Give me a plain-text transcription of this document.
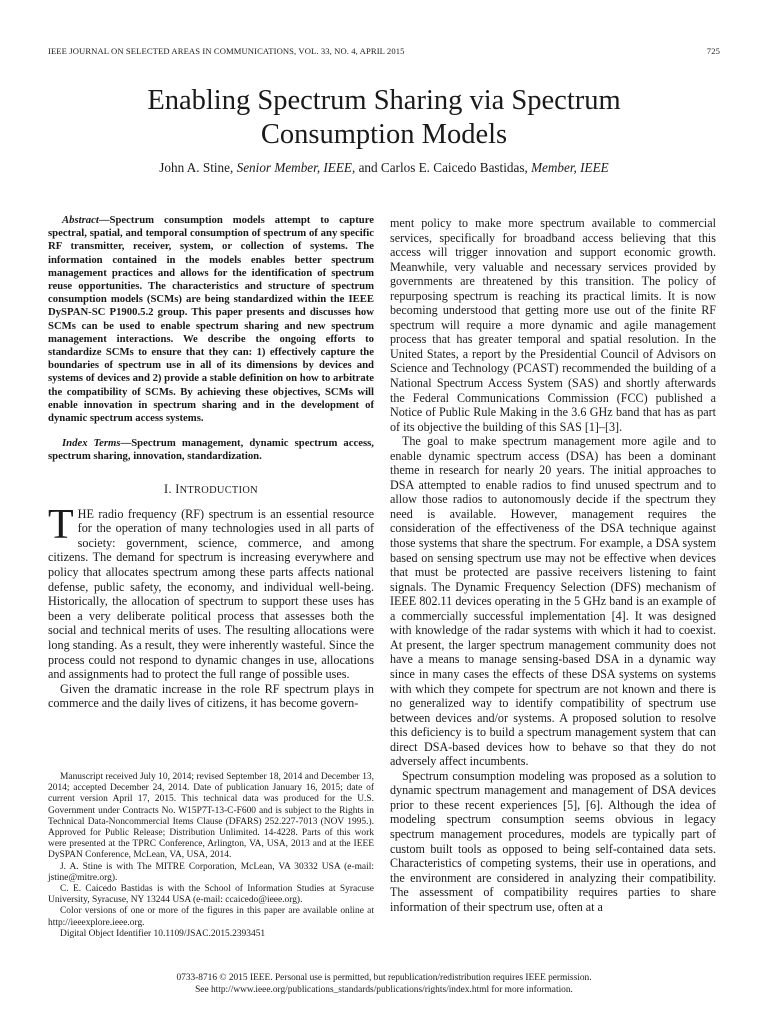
IEEE JOURNAL ON SELECTED AREAS IN COMMUNICATIONS, VOL. 33, NO. 4, APRIL 2015	725
Enabling Spectrum Sharing via Spectrum
Consumption Models
John A. Stine, Senior Member, IEEE, and Carlos E. Caicedo Bastidas, Member, IEEE

Abstract—Spectrum consumption models attempt to capture spectral, spatial, and temporal consumption of spectrum of any specific RF transmitter, receiver, system, or collection of systems. The information contained in the models enables better spectrum management practices and allows for the identification of spectrum reuse opportunities. The characteristics and structure of spectrum consumption models (SCMs) are being standardized within the IEEE DySPAN-SC P1900.5.2 group. This paper presents and discusses how SCMs can be used to enable spectrum sharing and new spectrum management interactions. We describe the ongoing efforts to standardize SCMs to ensure that they can: 1) effectively capture the boundaries of spectrum use in all of its dimensions by devices and systems of devices and 2) provide a stable definition on how to arbitrate the compatibility of SCMs. By achieving these objectives, SCMs will enable innovation in spectrum sharing and in the development of dynamic spectrum access systems.

Index Terms—Spectrum management, dynamic spectrum access, spectrum sharing, innovation, standardization.

I. INTRODUCTION

THE radio frequency (RF) spectrum is an essential resource for the operation of many technologies used in all parts of society: government, science, commerce, and among citizens. The demand for spectrum is increasing everywhere and policy that allocates spectrum among these parts affects national defense, public safety, the economy, and individual well-being. Historically, the allocation of spectrum to support these uses has been a very deliberate political process that assesses both the social and technical merits of uses. The resulting allocations were long standing. As a result, they were inherently wasteful. Since the process could not respond to dynamic changes in use, allocations and assignments had to protect the full range of possible uses.

Given the dramatic increase in the role RF spectrum plays in commerce and the daily lives of citizens, it has become govern-

Manuscript received July 10, 2014; revised September 18, 2014 and December 13, 2014; accepted December 24, 2014. Date of publication January 16, 2015; date of current version April 17, 2015. This technical data was produced for the U.S. Government under Contracts No. W15P7T-13-C-F600 and is subject to the Rights in Technical Data-Noncommercial Items Clause (DFARS) 252.227-7013 (NOV 1995.). Approved for Public Release; Distribution Unlimited. 14-4228. Parts of this work were presented at the TPRC Conference, Arlington, VA, USA, 2013 and at the IEEE DySPAN Conference, McLean, VA, USA, 2014.

J. A. Stine is with The MITRE Corporation, McLean, VA 30332 USA (e-mail: jstine@mitre.org).

C. E. Caicedo Bastidas is with the School of Information Studies at Syracuse University, Syracuse, NY 13244 USA (e-mail: ccaicedo@ieee.org).

Color versions of one or more of the figures in this paper are available online at http://ieeexplore.ieee.org.

Digital Object Identifier 10.1109/JSAC.2015.2393451

ment policy to make more spectrum available to commercial services, specifically for broadband access believing that this access will trigger innovation and support economic growth. Meanwhile, very valuable and necessary services provided by governments are threatened by this transition. The policy of repurposing spectrum is reaching its practical limits. It is now becoming understood that getting more use out of the finite RF spectrum will require a more dynamic and agile management process that has greater temporal and spatial resolution. In the United States, a report by the Presidential Council of Advisors on Science and Technology (PCAST) recommended the building of a National Spectrum Access System (SAS) and shortly afterwards the Federal Communications Commission (FCC) published a Notice of Public Rule Making in the 3.6 GHz band that has as part of its objective the building of this SAS [1]–[3].

The goal to make spectrum management more agile and to enable dynamic spectrum access (DSA) has been a dominant theme in research for nearly 20 years. The initial approaches to DSA attempted to enable radios to find unused spectrum and to allow those radios to autonomously decide if the spectrum they need is available. However, management requires the consideration of the effectiveness of the DSA technique against those systems that share the spectrum. For example, a DSA system based on sensing spectrum use may not be effective when devices that must be protected are passive receivers listening to faint signals. The Dynamic Frequency Selection (DFS) mechanism of IEEE 802.11 devices operating in the 5 GHz band is an example of a commercially successful implementation [4]. It was designed with knowledge of the radar systems with which it had to coexist. At present, the larger spectrum management community does not have a means to manage sensing-based DSA in a dynamic way since in many cases the effects of these DSA systems on systems with which they compete for spectrum are not known and there is no generalized way to identify compatibility of spectrum use between devices and/or systems. A proposed solution to resolve this deficiency is to build a spectrum management system that can direct DSA-based devices how to behave so that they do not adversely affect incumbents.

Spectrum consumption modeling was proposed as a solution to dynamic spectrum management and management of DSA devices prior to these recent experiences [5], [6]. Although the idea of modeling spectrum consumption seems obvious in legacy spectrum management procedures, models are typically part of custom built tools as opposed to being self-contained data sets. Characteristics of competing systems, their use in operations, and the environment are considered in analyzing their compatibility. The assessment of compatibility requires parties to share information of their spectrum use, often at a

0733-8716 © 2015 IEEE. Personal use is permitted, but republication/redistribution requires IEEE permission.
See http://www.ieee.org/publications_standards/publications/rights/index.html for more information.
